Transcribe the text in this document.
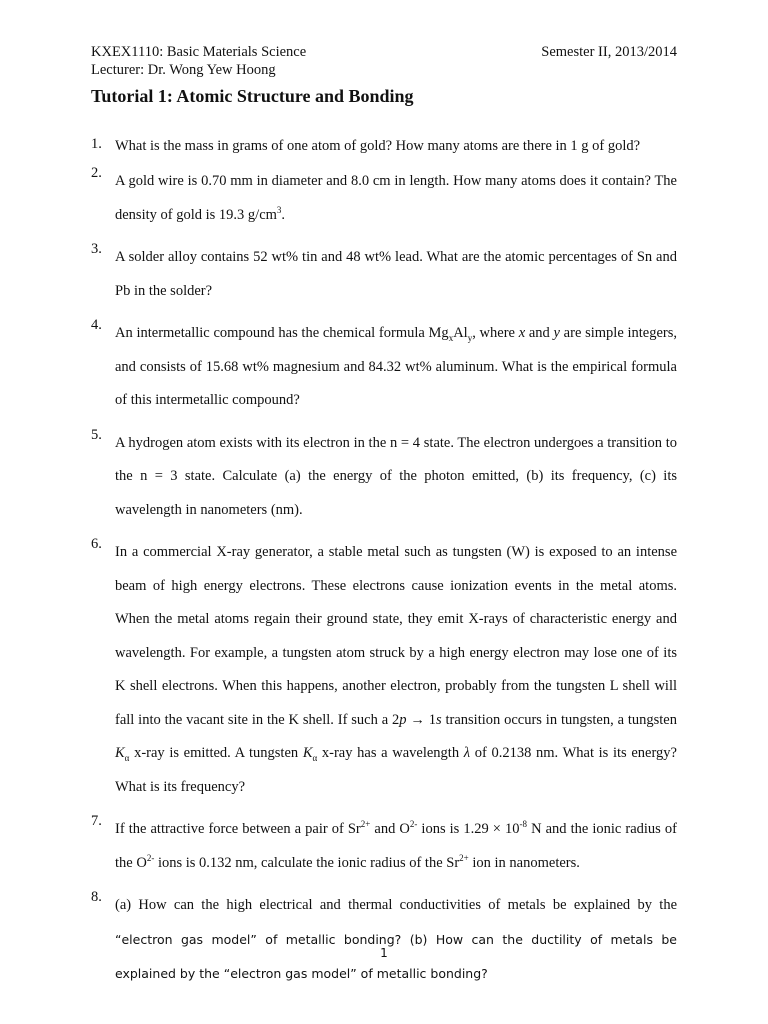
KXEX1110: Basic Materials Science	Semester II, 2013/2014
Lecturer: Dr. Wong Yew Hoong
Tutorial 1: Atomic Structure and Bonding
1. What is the mass in grams of one atom of gold? How many atoms are there in 1 g of gold?
2. A gold wire is 0.70 mm in diameter and 8.0 cm in length. How many atoms does it contain? The density of gold is 19.3 $g/cm^3$.
3. A solder alloy contains 52 wt% tin and 48 wt% lead. What are the atomic percentages of Sn and Pb in the solder?
4. An intermetallic compound has the chemical formula $Mg_xAl_y$, where x and y are simple integers, and consists of 15.68 wt% magnesium and 84.32 wt% aluminum. What is the empirical formula of this intermetallic compound?
5. A hydrogen atom exists with its electron in the n = 4 state. The electron undergoes a transition to the n = 3 state. Calculate (a) the energy of the photon emitted, (b) its frequency, (c) its wavelength in nanometers (nm).
6. In a commercial X-ray generator, a stable metal such as tungsten (W) is exposed to an intense beam of high energy electrons. These electrons cause ionization events in the metal atoms. When the metal atoms regain their ground state, they emit X-rays of characteristic energy and wavelength. For example, a tungsten atom struck by a high energy electron may lose one of its K shell electrons. When this happens, another electron, probably from the tungsten L shell will fall into the vacant site in the K shell. If such a 2p → 1s transition occurs in tungsten, a tungsten $K_\alpha$ x-ray is emitted. A tungsten $K_\alpha$ x-ray has a wavelength λ of 0.2138 nm. What is its energy? What is its frequency?
7. If the attractive force between a pair of $Sr^{2+}$ and $O^{2-}$ ions is $1.29 \times 10^{-8}$ N and the ionic radius of the $O^{2-}$ ions is 0.132 nm, calculate the ionic radius of the $Sr^{2+}$ ion in nanometers.
8. (a) How can the high electrical and thermal conductivities of metals be explained by the “electron gas model” of metallic bonding? (b) How can the ductility of metals be explained by the “electron gas model” of metallic bonding?
1
